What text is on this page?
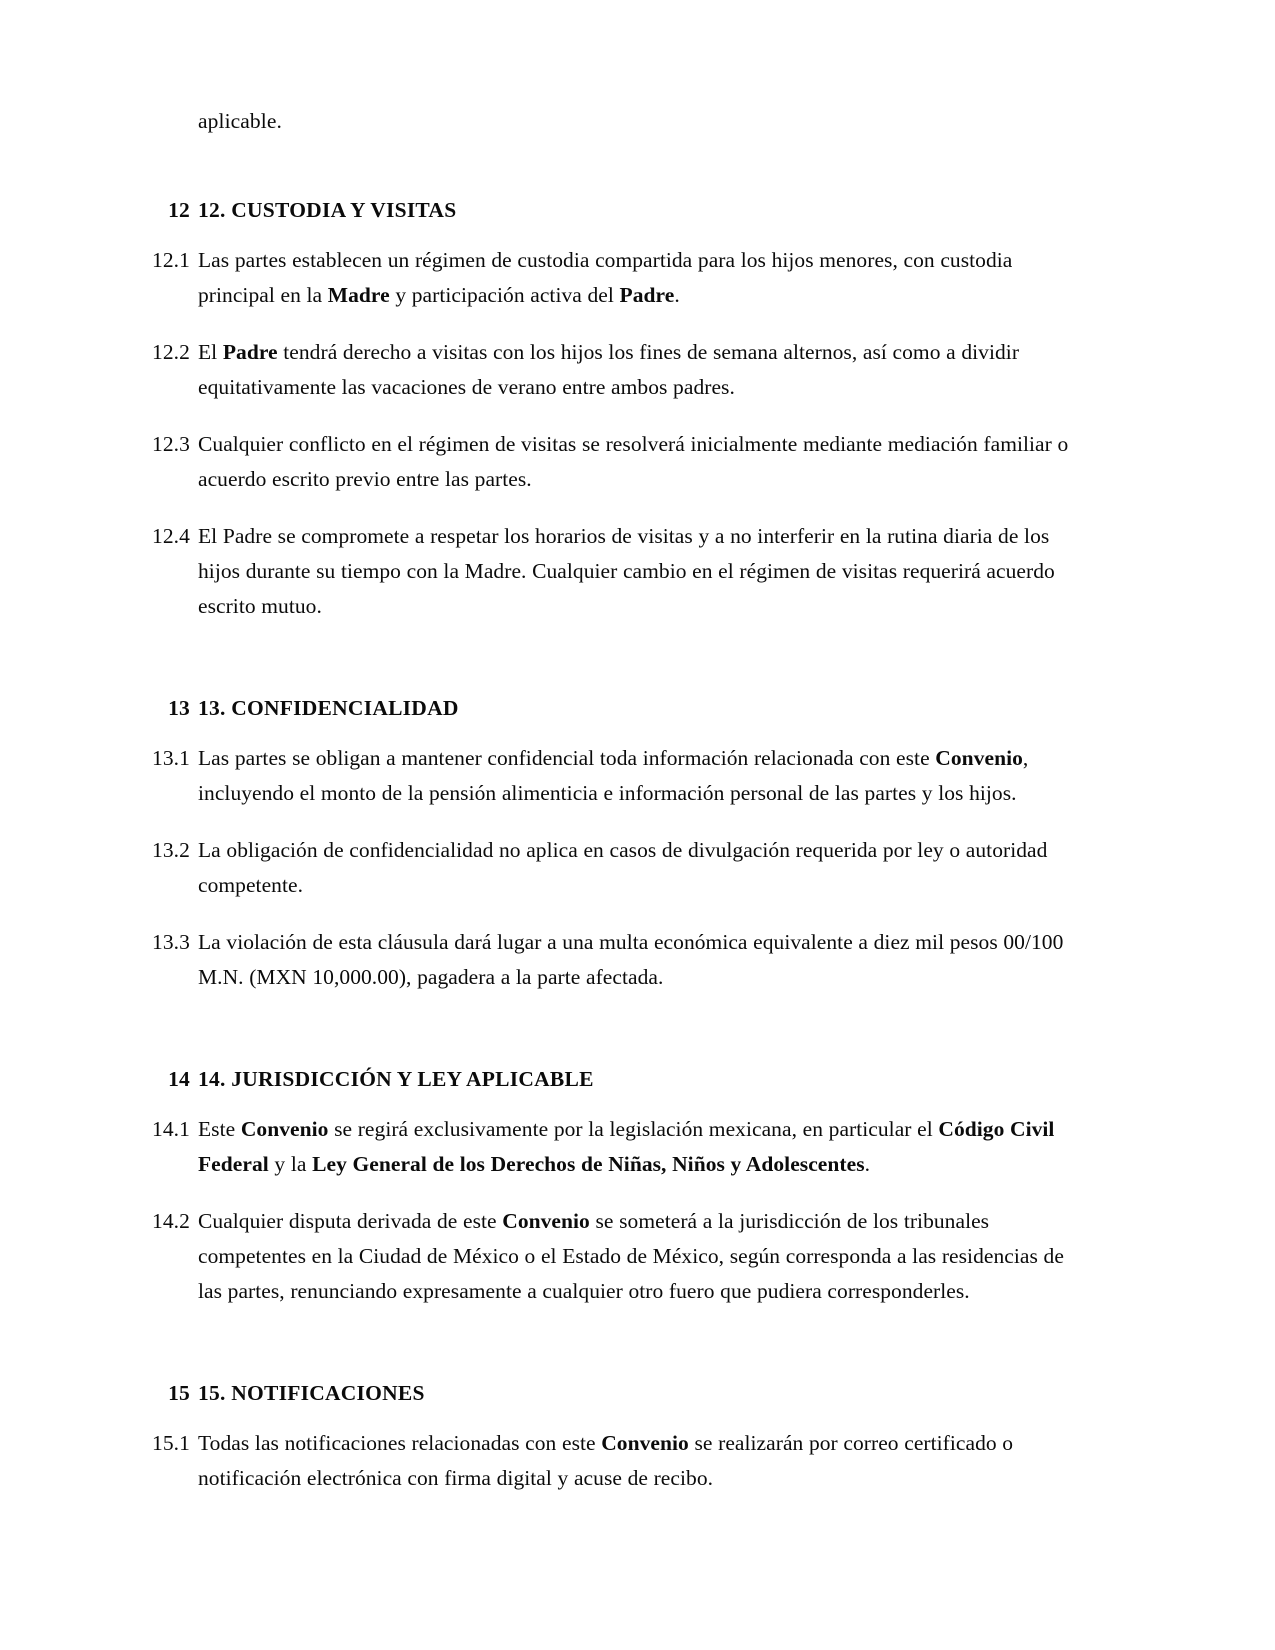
aplicable.

12 12. CUSTODIA Y VISITAS
12.1 Las partes establecen un régimen de custodia compartida para los hijos menores, con custodia principal en la Madre y participación activa del Padre.
12.2 El Padre tendrá derecho a visitas con los hijos los fines de semana alternos, así como a dividir equitativamente las vacaciones de verano entre ambos padres.
12.3 Cualquier conflicto en el régimen de visitas se resolverá inicialmente mediante mediación familiar o acuerdo escrito previo entre las partes.
12.4 El Padre se compromete a respetar los horarios de visitas y a no interferir en la rutina diaria de los hijos durante su tiempo con la Madre. Cualquier cambio en el régimen de visitas requerirá acuerdo escrito mutuo.
13 13. CONFIDENCIALIDAD
13.1 Las partes se obligan a mantener confidencial toda información relacionada con este Convenio, incluyendo el monto de la pensión alimenticia e información personal de las partes y los hijos.
13.2 La obligación de confidencialidad no aplica en casos de divulgación requerida por ley o autoridad competente.
13.3 La violación de esta cláusula dará lugar a una multa económica equivalente a diez mil pesos 00/100 M.N. (MXN 10,000.00), pagadera a la parte afectada.
14 14. JURISDICCIÓN Y LEY APLICABLE
14.1 Este Convenio se regirá exclusivamente por la legislación mexicana, en particular el Código Civil Federal y la Ley General de los Derechos de Niñas, Niños y Adolescentes.
14.2 Cualquier disputa derivada de este Convenio se someterá a la jurisdicción de los tribunales competentes en la Ciudad de México o el Estado de México, según corresponda a las residencias de las partes, renunciando expresamente a cualquier otro fuero que pudiera corresponderles.
15 15. NOTIFICACIONES
15.1 Todas las notificaciones relacionadas con este Convenio se realizarán por correo certificado o notificación electrónica con firma digital y acuse de recibo.
